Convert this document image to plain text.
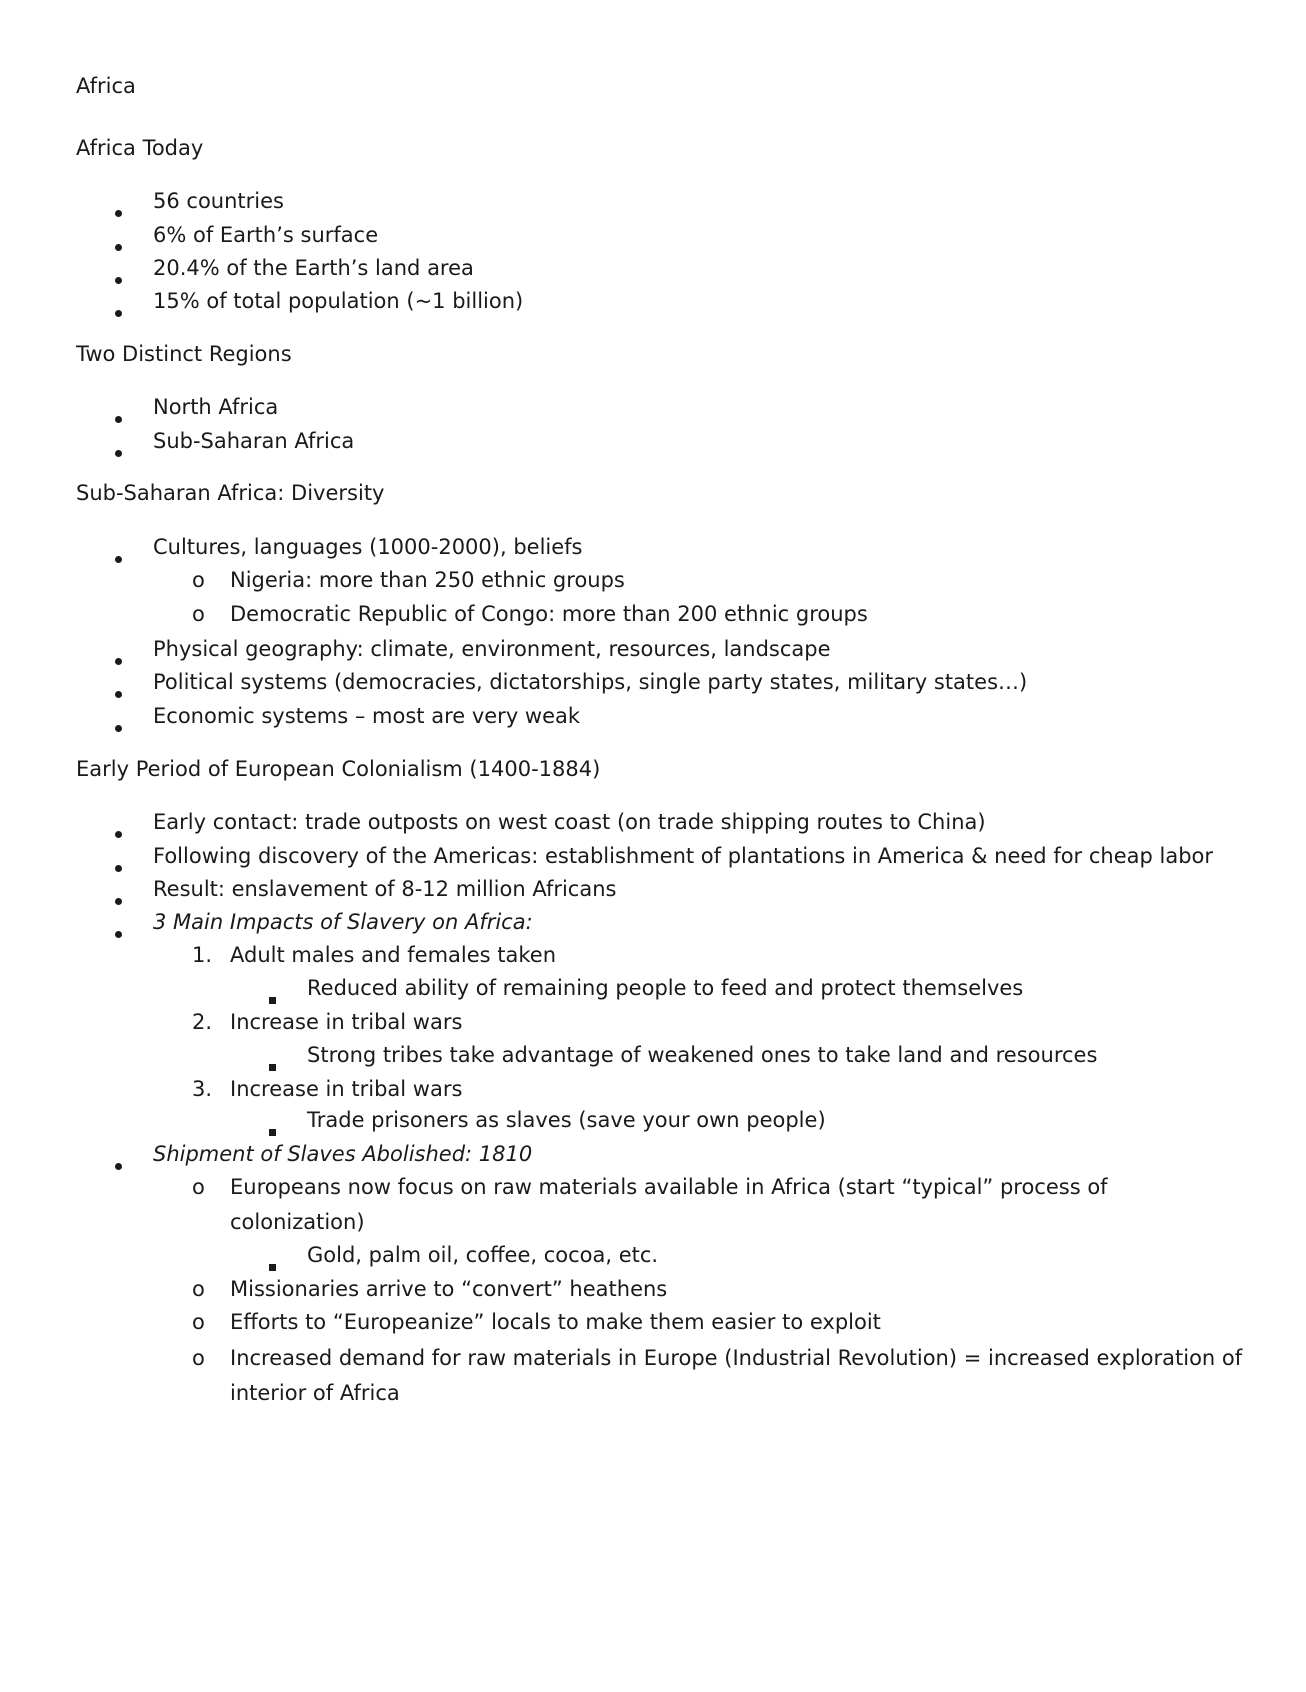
Africa
Africa Today
56 countries
6% of Earth’s surface
20.4% of the Earth’s land area
15% of total population (~1 billion)
Two Distinct Regions
North Africa
Sub-Saharan Africa
Sub-Saharan Africa: Diversity
Cultures, languages (1000-2000), beliefs
o Nigeria: more than 250 ethnic groups
o Democratic Republic of Congo: more than 200 ethnic groups
Physical geography: climate, environment, resources, landscape
Political systems (democracies, dictatorships, single party states, military states…)
Economic systems – most are very weak
Early Period of European Colonialism (1400-1884)
Early contact: trade outposts on west coast (on trade shipping routes to China)
Following discovery of the Americas: establishment of plantations in America & need for cheap labor
Result: enslavement of 8-12 million Africans
3 Main Impacts of Slavery on Africa:
1. Adult males and females taken
Reduced ability of remaining people to feed and protect themselves
2. Increase in tribal wars
Strong tribes take advantage of weakened ones to take land and resources
3. Increase in tribal wars
Trade prisoners as slaves (save your own people)
Shipment of Slaves Abolished: 1810
o Europeans now focus on raw materials available in Africa (start “typical” process of
colonization)
Gold, palm oil, coffee, cocoa, etc.
o Missionaries arrive to “convert” heathens
o Efforts to “Europeanize” locals to make them easier to exploit
o Increased demand for raw materials in Europe (Industrial Revolution) = increased exploration of
interior of Africa
